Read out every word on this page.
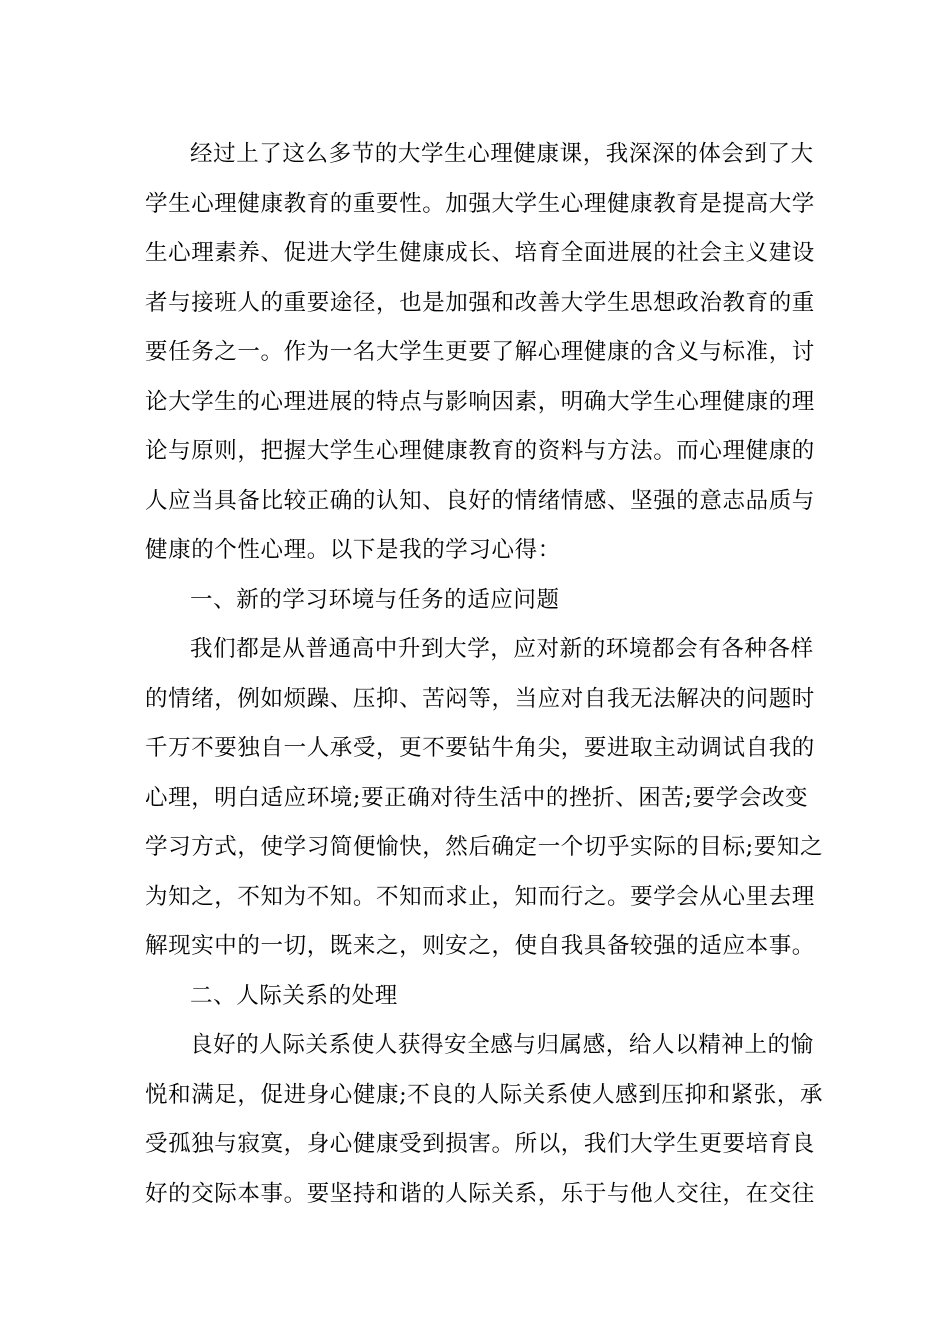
经过上了这么多节的大学生心理健康课，我深深的体会到了大
学生心理健康教育的重要性。加强大学生心理健康教育是提高大学
生心理素养、促进大学生健康成长、培育全面进展的社会主义建设
者与接班人的重要途径，也是加强和改善大学生思想政治教育的重
要任务之一。作为一名大学生更要了解心理健康的含义与标准，讨
论大学生的心理进展的特点与影响因素，明确大学生心理健康的理
论与原则，把握大学生心理健康教育的资料与方法。而心理健康的
人应当具备比较正确的认知、良好的情绪情感、坚强的意志品质与
健康的个性心理。以下是我的学习心得：
一、新的学习环境与任务的适应问题
我们都是从普通高中升到大学，应对新的环境都会有各种各样
的情绪，例如烦躁、压抑、苦闷等，当应对自我无法解决的问题时
千万不要独自一人承受，更不要钻牛角尖，要进取主动调试自我的
心理，明白适应环境;要正确对待生活中的挫折、困苦;要学会改变
学习方式，使学习简便愉快，然后确定一个切乎实际的目标;要知之
为知之，不知为不知。不知而求止，知而行之。要学会从心里去理
解现实中的一切，既来之，则安之，使自我具备较强的适应本事。
二、人际关系的处理
良好的人际关系使人获得安全感与归属感，给人以精神上的愉
悦和满足，促进身心健康;不良的人际关系使人感到压抑和紧张，承
受孤独与寂寞，身心健康受到损害。所以，我们大学生更要培育良
好的交际本事。要坚持和谐的人际关系，乐于与他人交往，在交往
